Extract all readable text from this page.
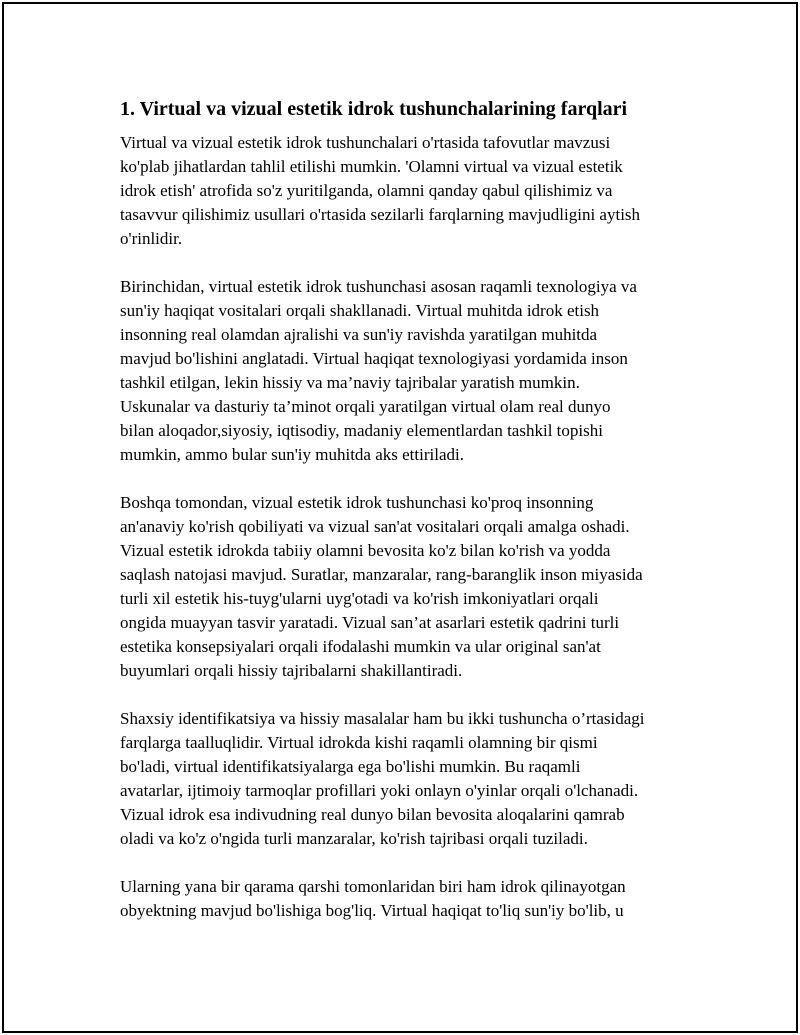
1. Virtual va vizual estetik idrok tushunchalarining farqlari

Virtual va vizual estetik idrok tushunchalari o'rtasida tafovutlar mavzusi
ko'plab jihatlardan tahlil etilishi mumkin. 'Olamni virtual va vizual estetik
idrok etish' atrofida so'z yuritilganda, olamni qanday qabul qilishimiz va
tasavvur qilishimiz usullari o'rtasida sezilarli farqlarning mavjudligini aytish
o'rinlidir.

Birinchidan, virtual estetik idrok tushunchasi asosan raqamli texnologiya va
sun'iy haqiqat vositalari orqali shakllanadi. Virtual muhitda idrok etish
insonning real olamdan ajralishi va sun'iy ravishda yaratilgan muhitda
mavjud bo'lishini anglatadi. Virtual haqiqat texnologiyasi yordamida inson
tashkil etilgan, lekin hissiy va ma’naviy tajribalar yaratish mumkin.
Uskunalar va dasturiy ta’minot orqali yaratilgan virtual olam real dunyo
bilan aloqador,siyosiy, iqtisodiy, madaniy elementlardan tashkil topishi
mumkin, ammo bular sun'iy muhitda aks ettiriladi.

Boshqa tomondan, vizual estetik idrok tushunchasi ko'proq insonning
an'anaviy ko'rish qobiliyati va vizual san'at vositalari orqali amalga oshadi.
Vizual estetik idrokda tabiiy olamni bevosita ko'z bilan ko'rish va yodda
saqlash natojasi mavjud. Suratlar, manzaralar, rang-baranglik inson miyasida
turli xil estetik his-tuyg'ularni uyg'otadi va ko'rish imkoniyatlari orqali
ongida muayyan tasvir yaratadi. Vizual san’at asarlari estetik qadrini turli
estetika konsepsiyalari orqali ifodalashi mumkin va ular original san'at
buyumlari orqali hissiy tajribalarni shakillantiradi.

Shaxsiy identifikatsiya va hissiy masalalar ham bu ikki tushuncha o’rtasidagi
farqlarga taalluqlidir. Virtual idrokda kishi raqamli olamning bir qismi
bo'ladi, virtual identifikatsiyalarga ega bo'lishi mumkin. Bu raqamli
avatarlar, ijtimoiy tarmoqlar profillari yoki onlayn o'yinlar orqali o'lchanadi.
Vizual idrok esa indivudning real dunyo bilan bevosita aloqalarini qamrab
oladi va ko'z o'ngida turli manzaralar, ko'rish tajribasi orqali tuziladi.

Ularning yana bir qarama qarshi tomonlaridan biri ham idrok qilinayotgan
obyektning mavjud bo'lishiga bog'liq. Virtual haqiqat to'liq sun'iy bo'lib, u
